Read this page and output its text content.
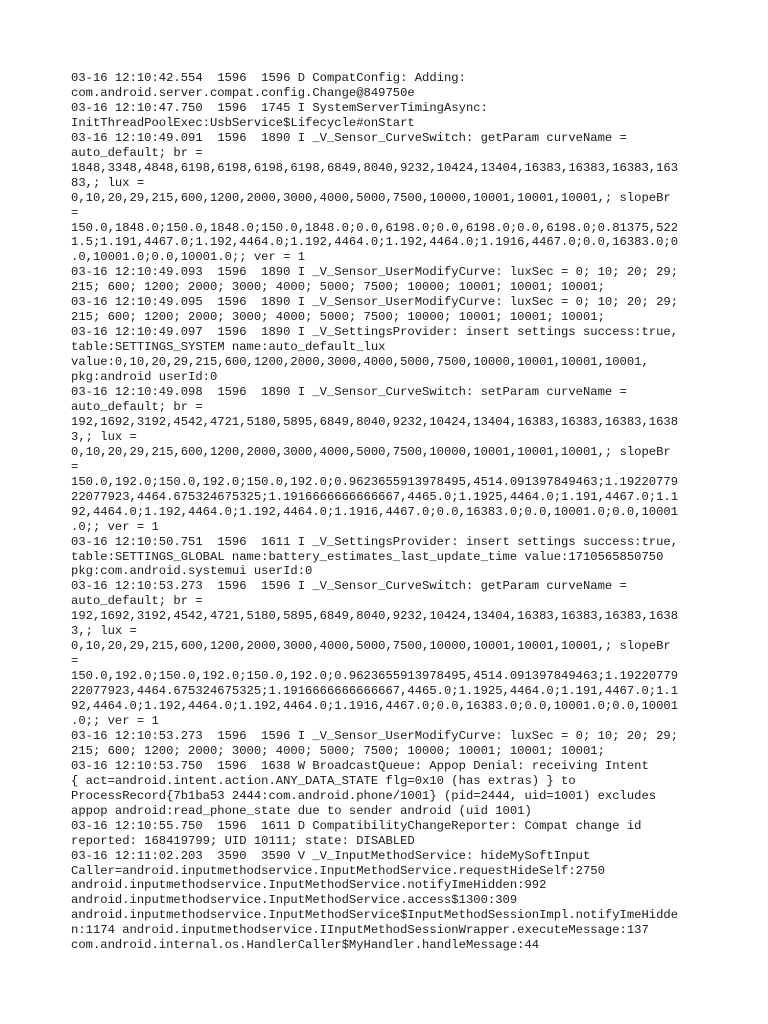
03-16 12:10:42.554  1596  1596 D CompatConfig: Adding:
com.android.server.compat.config.Change@849750e
03-16 12:10:47.750  1596  1745 I SystemServerTimingAsync:
InitThreadPoolExec:UsbService$Lifecycle#onStart
03-16 12:10:49.091  1596  1890 I _V_Sensor_CurveSwitch: getParam curveName =
auto_default; br =
1848,3348,4848,6198,6198,6198,6198,6849,8040,9232,10424,13404,16383,16383,16383,163
83,; lux =
0,10,20,29,215,600,1200,2000,3000,4000,5000,7500,10000,10001,10001,10001,; slopeBr
=
150.0,1848.0;150.0,1848.0;150.0,1848.0;0.0,6198.0;0.0,6198.0;0.0,6198.0;0.81375,522
1.5;1.191,4467.0;1.192,4464.0;1.192,4464.0;1.192,4464.0;1.1916,4467.0;0.0,16383.0;0
.0,10001.0;0.0,10001.0;; ver = 1
03-16 12:10:49.093  1596  1890 I _V_Sensor_UserModifyCurve: luxSec = 0; 10; 20; 29;
215; 600; 1200; 2000; 3000; 4000; 5000; 7500; 10000; 10001; 10001; 10001;
03-16 12:10:49.095  1596  1890 I _V_Sensor_UserModifyCurve: luxSec = 0; 10; 20; 29;
215; 600; 1200; 2000; 3000; 4000; 5000; 7500; 10000; 10001; 10001; 10001;
03-16 12:10:49.097  1596  1890 I _V_SettingsProvider: insert settings success:true,
table:SETTINGS_SYSTEM name:auto_default_lux
value:0,10,20,29,215,600,1200,2000,3000,4000,5000,7500,10000,10001,10001,10001,
pkg:android userId:0
03-16 12:10:49.098  1596  1890 I _V_Sensor_CurveSwitch: setParam curveName =
auto_default; br =
192,1692,3192,4542,4721,5180,5895,6849,8040,9232,10424,13404,16383,16383,16383,1638
3,; lux =
0,10,20,29,215,600,1200,2000,3000,4000,5000,7500,10000,10001,10001,10001,; slopeBr
=
150.0,192.0;150.0,192.0;150.0,192.0;0.9623655913978495,4514.091397849463;1.19220779
22077923,4464.675324675325;1.1916666666666667,4465.0;1.1925,4464.0;1.191,4467.0;1.1
92,4464.0;1.192,4464.0;1.192,4464.0;1.1916,4467.0;0.0,16383.0;0.0,10001.0;0.0,10001
.0;; ver = 1
03-16 12:10:50.751  1596  1611 I _V_SettingsProvider: insert settings success:true,
table:SETTINGS_GLOBAL name:battery_estimates_last_update_time value:1710565850750
pkg:com.android.systemui userId:0
03-16 12:10:53.273  1596  1596 I _V_Sensor_CurveSwitch: getParam curveName =
auto_default; br =
192,1692,3192,4542,4721,5180,5895,6849,8040,9232,10424,13404,16383,16383,16383,1638
3,; lux =
0,10,20,29,215,600,1200,2000,3000,4000,5000,7500,10000,10001,10001,10001,; slopeBr
=
150.0,192.0;150.0,192.0;150.0,192.0;0.9623655913978495,4514.091397849463;1.19220779
22077923,4464.675324675325;1.1916666666666667,4465.0;1.1925,4464.0;1.191,4467.0;1.1
92,4464.0;1.192,4464.0;1.192,4464.0;1.1916,4467.0;0.0,16383.0;0.0,10001.0;0.0,10001
.0;; ver = 1
03-16 12:10:53.273  1596  1596 I _V_Sensor_UserModifyCurve: luxSec = 0; 10; 20; 29;
215; 600; 1200; 2000; 3000; 4000; 5000; 7500; 10000; 10001; 10001; 10001;
03-16 12:10:53.750  1596  1638 W BroadcastQueue: Appop Denial: receiving Intent
{ act=android.intent.action.ANY_DATA_STATE flg=0x10 (has extras) } to
ProcessRecord{7b1ba53 2444:com.android.phone/1001} (pid=2444, uid=1001) excludes
appop android:read_phone_state due to sender android (uid 1001)
03-16 12:10:55.750  1596  1611 D CompatibilityChangeReporter: Compat change id
reported: 168419799; UID 10111; state: DISABLED
03-16 12:11:02.203  3590  3590 V _V_InputMethodService: hideMySoftInput
Caller=android.inputmethodservice.InputMethodService.requestHideSelf:2750
android.inputmethodservice.InputMethodService.notifyImeHidden:992
android.inputmethodservice.InputMethodService.access$1300:309
android.inputmethodservice.InputMethodService$InputMethodSessionImpl.notifyImeHidde
n:1174 android.inputmethodservice.IInputMethodSessionWrapper.executeMessage:137
com.android.internal.os.HandlerCaller$MyHandler.handleMessage:44
